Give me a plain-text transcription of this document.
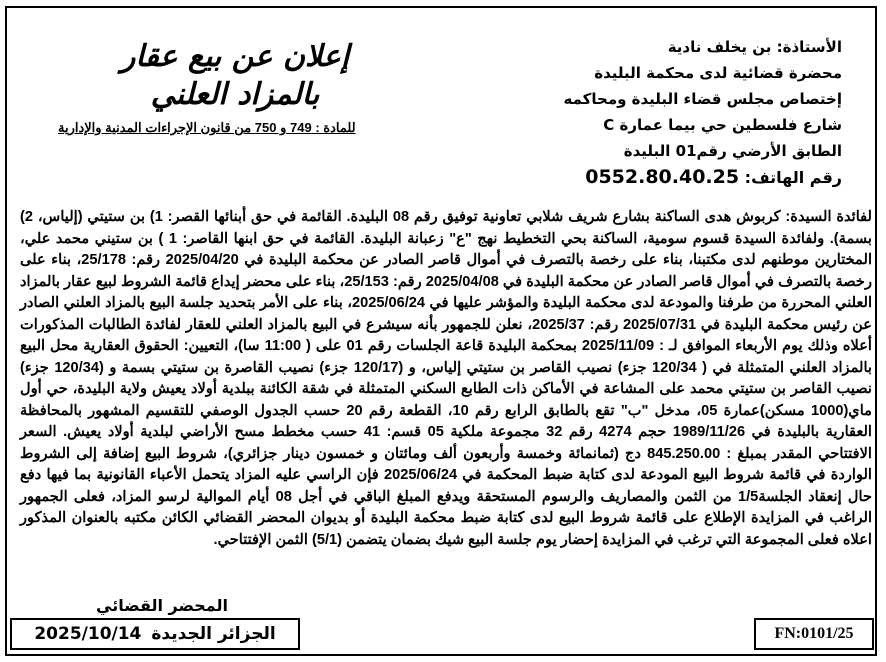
الأستاذة: بن يخلف نادية
محضرة قضائية لدى محكمة البليدة
إختصاص مجلس قضاء البليدة ومحاكمه
شارع فلسطين حي بيما عمارة C
الطابق الأرضي رقم01 البليدة
رقم الهاتف: 0552.80.40.25
إعلان عن بيع عقار
بالمزاد العلني
للمادة : 749 و 750 من قانون الإجراءات المدنية والإدارية

لفائدة السيدة: كربوش هدى الساكنة بشارع شريف شلابي تعاونية توفيق رقم 08 البليدة. القائمة في حق أبنائها القصر: 1) بن ستيتي (إلياس، 2) بسمة). ولفائدة السيدة قسوم سومية، الساكنة بحي التخطيط نهج "ع" زعبانة البليدة. القائمة في حق ابنها القاصر: 1 ) بن ستيني محمد علي، المختارين موطنهم لدى مكتبنا، بناء على رخصة بالتصرف في أموال قاصر الصادر عن محكمة البليدة في 2025/04/20 رقم: 25/178، بناء على رخصة بالتصرف في أموال قاصر الصادر عن محكمة البليدة في 2025/04/08 رقم: 25/153، بناء على محضر إيداع قائمة الشروط لبيع عقار بالمزاد العلني المحررة من طرفنا والمودعة لدى محكمة البليدة والمؤشر عليها في 2025/06/24، بناء على الأمر بتحديد جلسة البيع بالمزاد العلني الصادر عن رئيس محكمة البليدة في 2025/07/31 رقم: 2025/37، نعلن للجمهور بأنه سيشرع في البيع بالمزاد العلني للعقار لفائدة الطالبات المذكورات أعلاه وذلك يوم الأربعاء الموافق لـ : 2025/11/09 بمحكمة البليدة قاعة الجلسات رقم 01 على ( 11:00 سا)، التعيين: الحقوق العقارية محل البيع بالمزاد العلني المتمثلة في ( 120/34 جزء) نصيب القاصر بن ستيتي إلياس، و (120/17 جزء) نصيب القاصرة بن ستيتي بسمة و (120/34 جزء) نصيب القاصر بن ستيتي محمد على المشاعة في الأماكن ذات الطابع السكني المتمثلة في شقة الكائنة ببلدية أولاد يعيش ولاية البليدة، حي أول ماي(1000 مسكن)عمارة 05، مدخل "ب" تقع بالطابق الرابع رقم 10، القطعة رقم 20 حسب الجدول الوصفي للتقسيم المشهور بالمحافظة العقارية بالبليدة في 1989/11/26 حجم 4274 رقم 32 مجموعة ملكية 05 قسم: 41 حسب مخطط مسح الأراضي لبلدية أولاد يعيش. السعر الافتتاحي المقدر بمبلغ : 845.250.00 دج (ثمانمائة وخمسة وأربعون ألف ومائتان و خمسون دينار جزائري)، شروط البيع إضافة إلى الشروط الواردة في قائمة شروط البيع المودعة لدى كتابة ضبط المحكمة في 2025/06/24 فإن الراسي عليه المزاد يتحمل الأعباء القانونية بما فيها دفع حال إنعقاد الجلسة1/5 من الثمن والمصاريف والرسوم المستحقة ويدفع المبلغ الباقي في أجل 08 أيام الموالية لرسو المزاد، فعلى الجمهور الراغب في المزايدة الإطلاع على قائمة شروط البيع لدى كتابة ضبط محكمة البليدة أو بديوان المحضر القضائي الكائن مكتبه بالعنوان المذكور اعلاه فعلى المجموعة التي ترغب في المزايدة إحضار يوم جلسة البيع شيك بضمان يتضمن (5/1) الثمن الإفتتاحي.

المحضر القضائي
الجزائر الجديدة
2025/10/14	FN:0101/25
